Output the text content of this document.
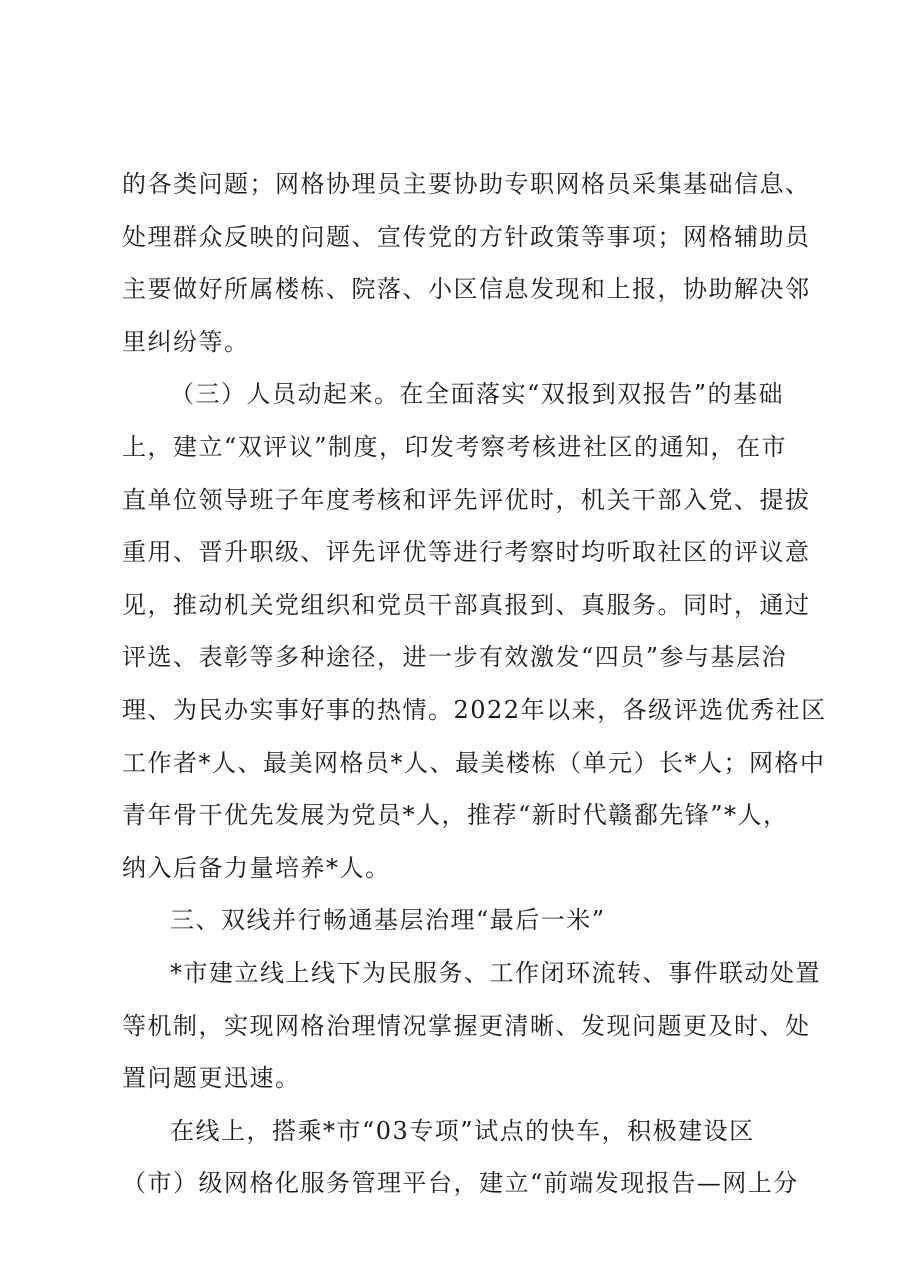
的各类问题；网格协理员主要协助专职网格员采集基础信息、
处理群众反映的问题、宣传党的方针政策等事项；网格辅助员
主要做好所属楼栋、院落、小区信息发现和上报，协助解决邻
里纠纷等。
（三）人员动起来。在全面落实“双报到双报告”的基础
上，建立“双评议”制度，印发考察考核进社区的通知，在市
直单位领导班子年度考核和评先评优时，机关干部入党、提拔
重用、晋升职级、评先评优等进行考察时均听取社区的评议意
见，推动机关党组织和党员干部真报到、真服务。同时，通过
评选、表彰等多种途径，进一步有效激发“四员”参与基层治
理、为民办实事好事的热情。2022年以来，各级评选优秀社区
工作者*人、最美网格员*人、最美楼栋（单元）长*人；网格中
青年骨干优先发展为党员*人，推荐“新时代赣鄱先锋”*人，
纳入后备力量培养*人。
三、双线并行畅通基层治理“最后一米”
*市建立线上线下为民服务、工作闭环流转、事件联动处置
等机制，实现网格治理情况掌握更清晰、发现问题更及时、处
置问题更迅速。
在线上，搭乘*市“03专项”试点的快车，积极建设区
（市）级网格化服务管理平台，建立“前端发现报告—网上分
